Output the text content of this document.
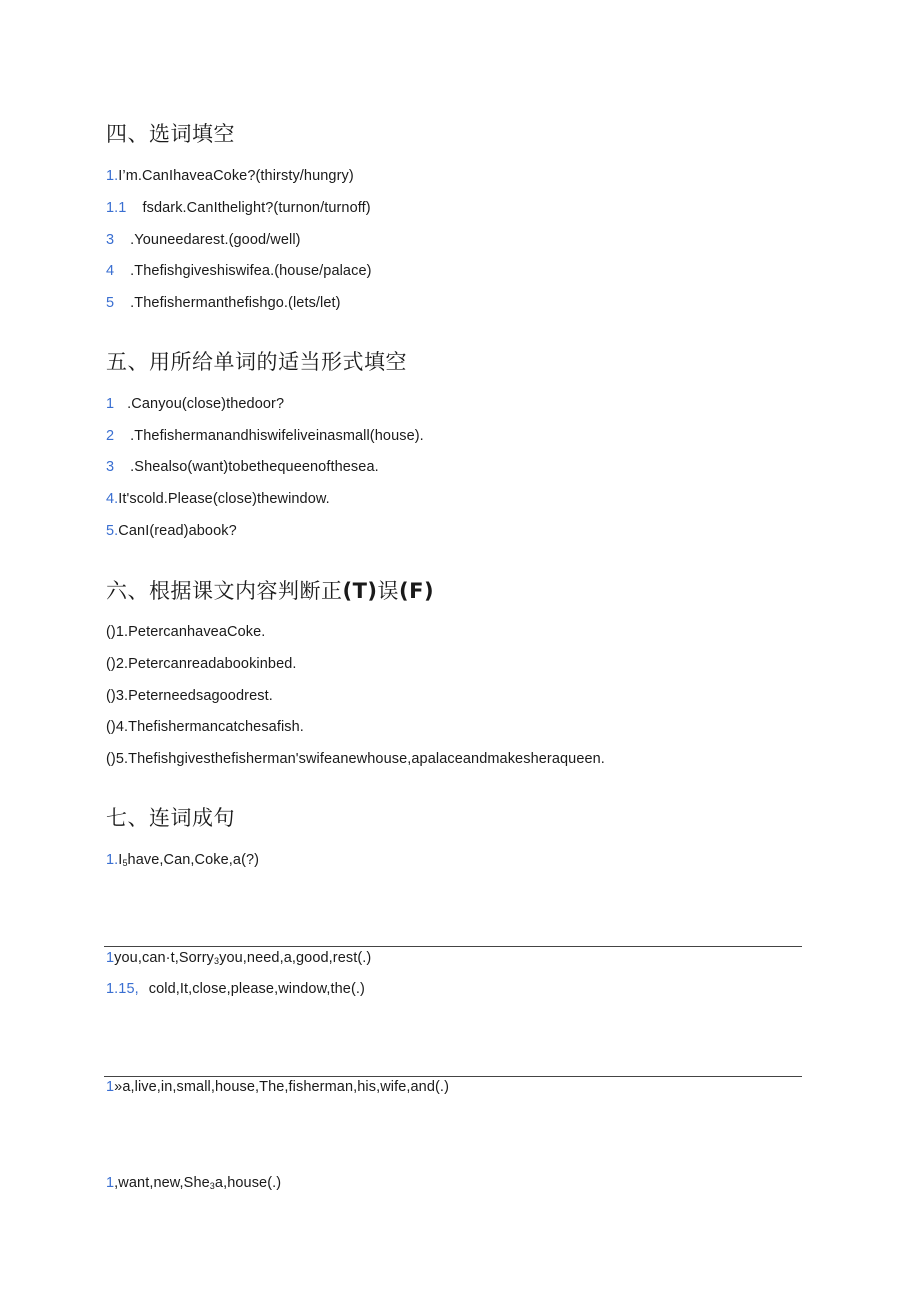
四、选词填空
1.I’m.CanIhaveaCoke?(thirsty/hungry)
1.1 fsdark.CanIthelight?(turnon/turnoff)
3 .Youneedarest.(good/well)
4 .Thefishgiveshiswifea.(house/palace)
5 .Thefishermanthefishgo.(lets/let)
五、用所给单词的适当形式填空
1 .Canyou(close)thedoor?
2 .Thefishermanandhiswifeliveinasmall(house).
3 .Shealso(want)tobethequeenofthesea.
4.It'scold.Please(close)thewindow.
5.CanI(read)abook?
六、根据课文内容判断正(T)误(F)
()1.PetercanhaveaCoke.
()2.Petercanreadabookinbed.
()3.Peterneedsagoodrest.
()4.Thefishermancatchesafish.
()5.Thefishgivesthefisherman'swifeanewhouse,apalaceandmakesheraqueen.
七、连词成句
$1.I_5have,Can,Coke,a(?)$
1you,can·t,Sorry$_3$you,need,a,good,rest(.)
1.15, cold,It,close,please,window,the(.)
1»a,live,in,small,house,The,fisherman,his,wife,and(.)
1,want,new,She$_3$a,house(.)
